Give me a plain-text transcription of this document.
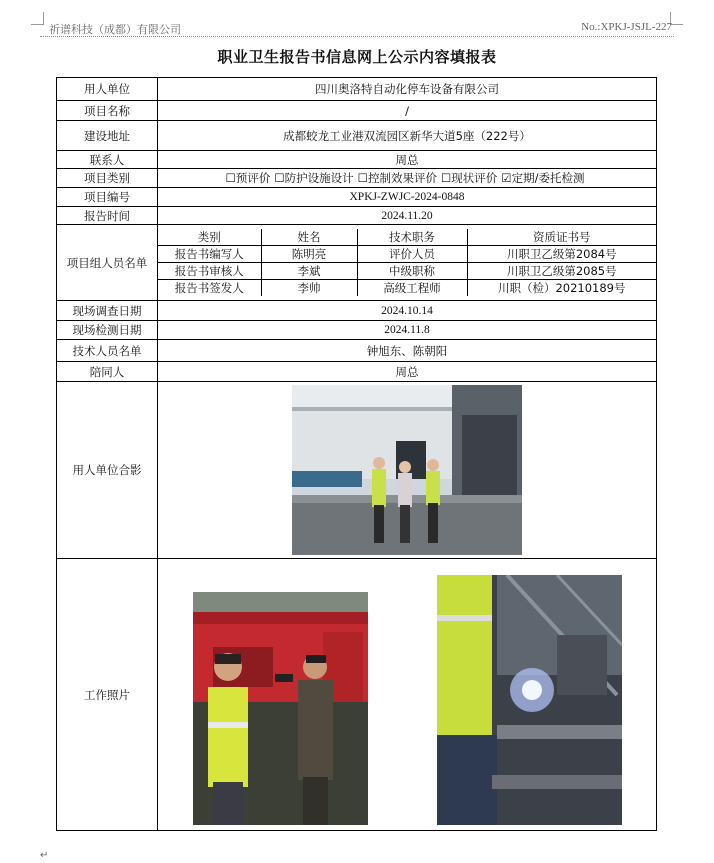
祈谱科技（成都）有限公司	No.:XPKJ-JSJL-227
职业卫生报告书信息网上公示内容填报表
用人单位	四川奥洛特自动化停车设备有限公司
项目名称	/
建设地址	成都蛟龙工业港双流园区新华大道5座（222号）
联系人	周总
项目类别	☐预评价 ☐防护设施设计 ☐控制效果评价 ☐现状评价 ☑定期/委托检测
项目编号	XPKJ-ZWJC-2024-0848
报告时间	2024.11.20
项目组人员名单	
类别	姓名	技术职务	资质证书号
报告书编写人	陈明亮	评价人员	川职卫乙级第2084号
报告书审核人	李斌	中级职称	川职卫乙级第2085号
报告书签发人	李帅	高级工程师	川职（检）20210189号

现场调查日期	2024.10.14
现场检测日期	2024.11.8
技术人员名单	钟旭东、陈朝阳
陪同人	周总
用人单位合影	

工作照片	
↵
